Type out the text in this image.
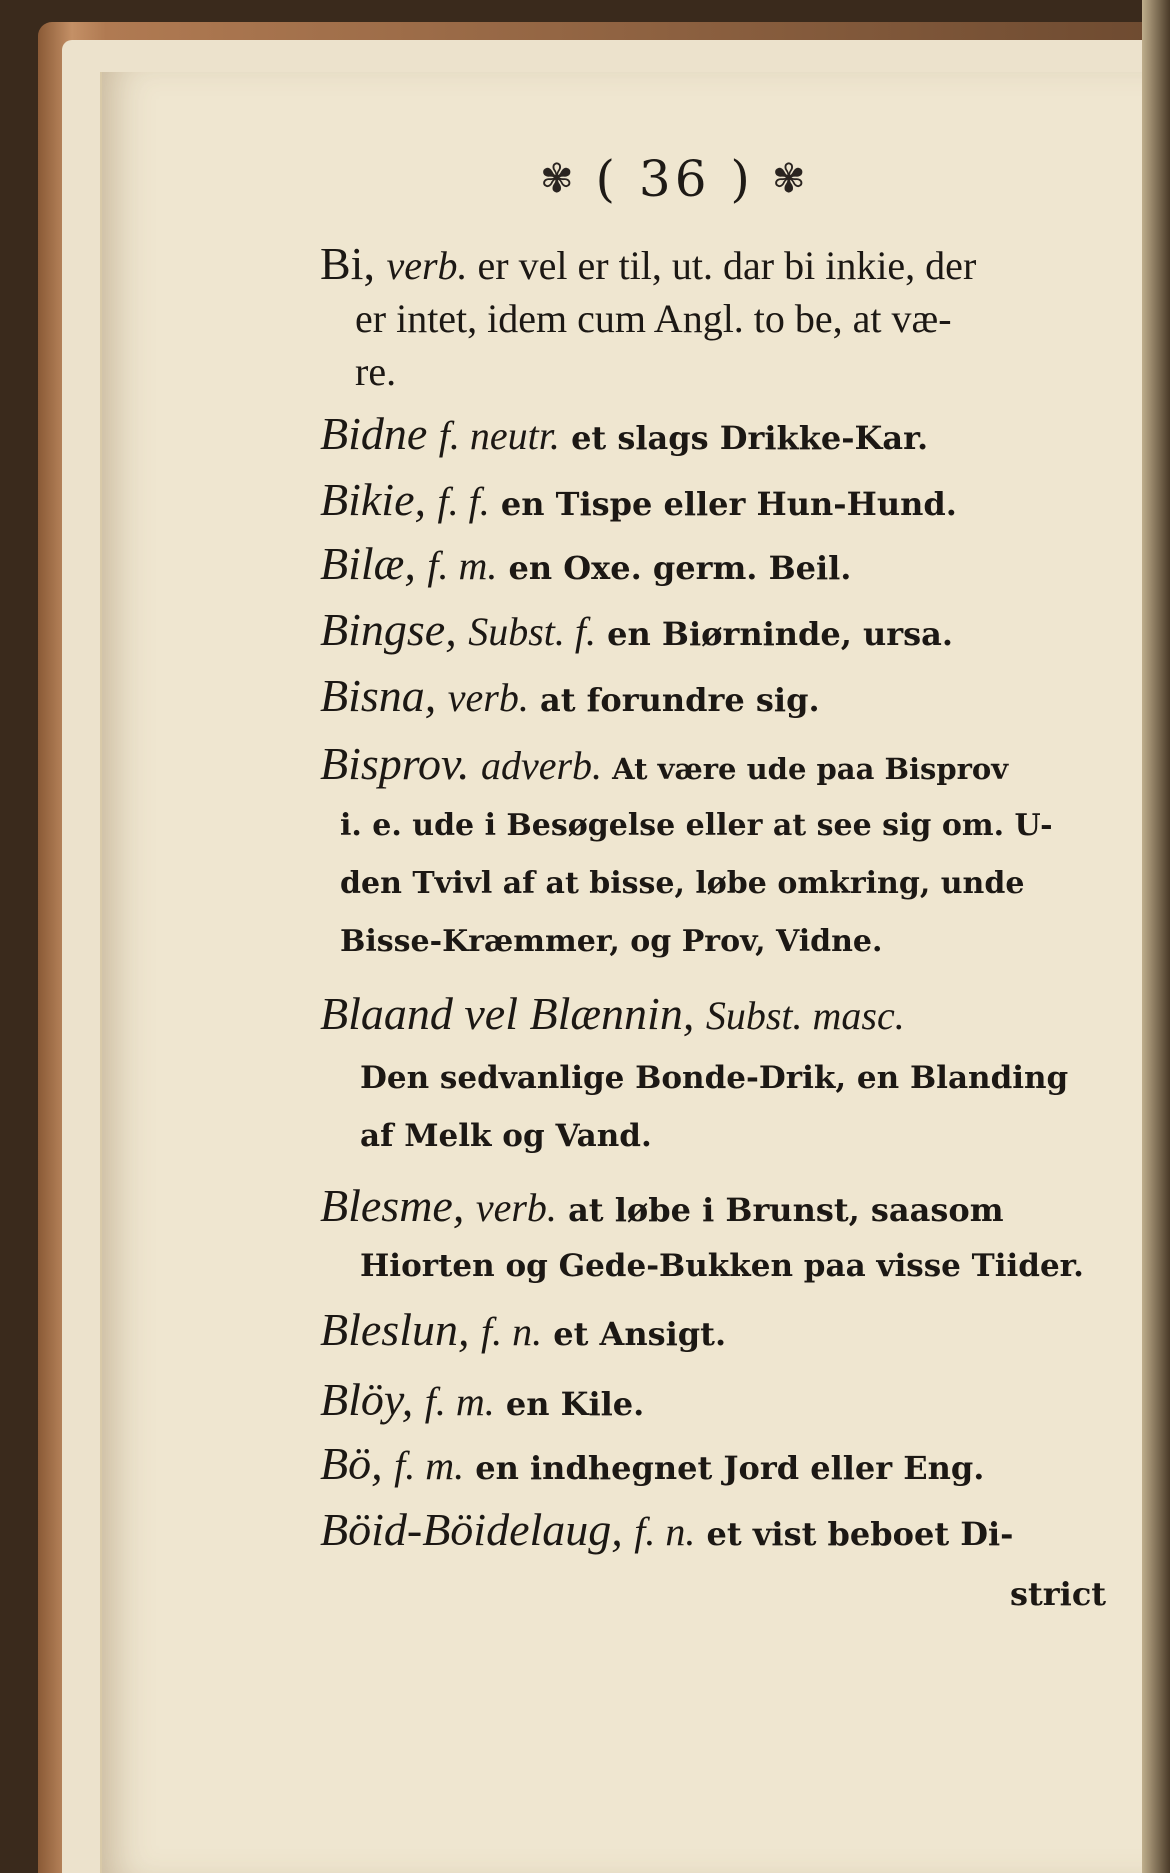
✾ ( 36 ) ✾
Bi, verb. er vel er til, ut. dar bi inkie, der
er intet, idem cum Angl. to be, at væ-
re.
Bidne f. neutr. et slags Drikke-Kar.
Bikie, f. f. en Tispe eller Hun-Hund.
Bilæ, f. m. en Oxe. germ. Beil.
Bingse, Subst. f. en Biørninde, ursa.
Bisna, verb. at forundre sig.
Bisprov. adverb. At være ude paa Bisprov
i. e. ude i Besøgelse eller at see sig om. U-
den Tvivl af at bisse, løbe omkring, unde
Bisse-Kræmmer, og Prov, Vidne.
Blaand vel Blænnin, Subst. masc.
Den sedvanlige Bonde-Drik, en Blanding
af Melk og Vand.
Blesme, verb. at løbe i Brunst, saasom
Hiorten og Gede-Bukken paa visse Tiider.
Bleslun, f. n. et Ansigt.
Blöy, f. m. en Kile.
Bö, f. m. en indhegnet Jord eller Eng.
Böid-Böidelaug, f. n. et vist beboet Di-
strict
